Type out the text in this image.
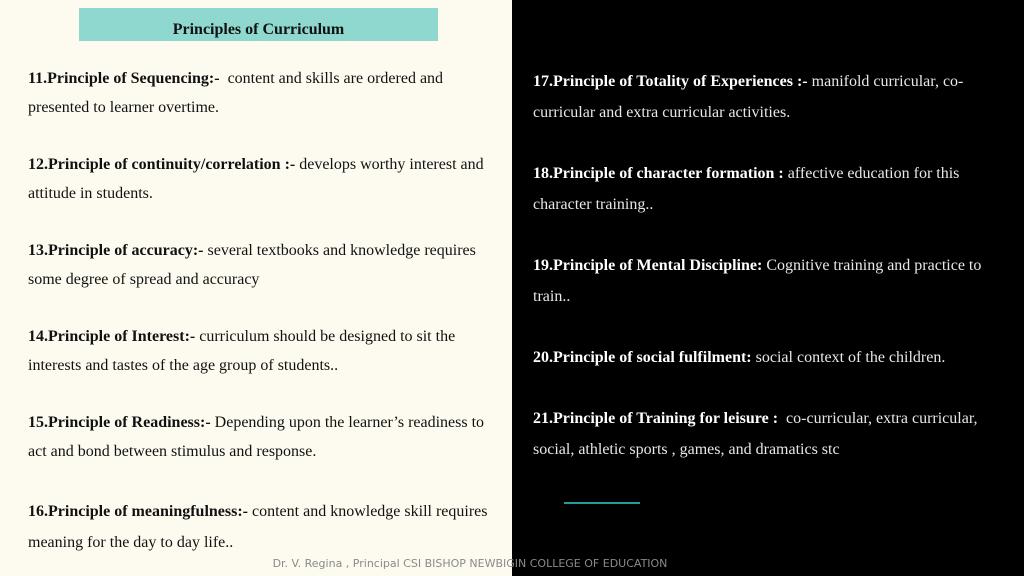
Principles of Curriculum

11.Principle of Sequencing:- content and skills are ordered and presented to learner overtime.

12.Principle of continuity/correlation :- develops worthy interest and attitude in students.

13.Principle of accuracy:- several textbooks and knowledge requires some degree of spread and accuracy

14.Principle of Interest:- curriculum should be designed to sit the interests and tastes of the age group of students..

15.Principle of Readiness:- Depending upon the learner’s readiness to act and bond between stimulus and response.

16.Principle of meaningfulness:- content and knowledge skill requires meaning for the day to day life..

17.Principle of Totality of Experiences :- manifold curricular, co-curricular and extra curricular activities.

18.Principle of character formation : affective education for this character training..

19.Principle of Mental Discipline: Cognitive training and practice to train..

20.Principle of social fulfilment: social context of the children.

21.Principle of Training for leisure : co-curricular, extra curricular, social, athletic sports , games, and dramatics stc

Dr. V. Regina , Principal CSI BISHOP NEWBIGIN COLLEGE OF EDUCATION
